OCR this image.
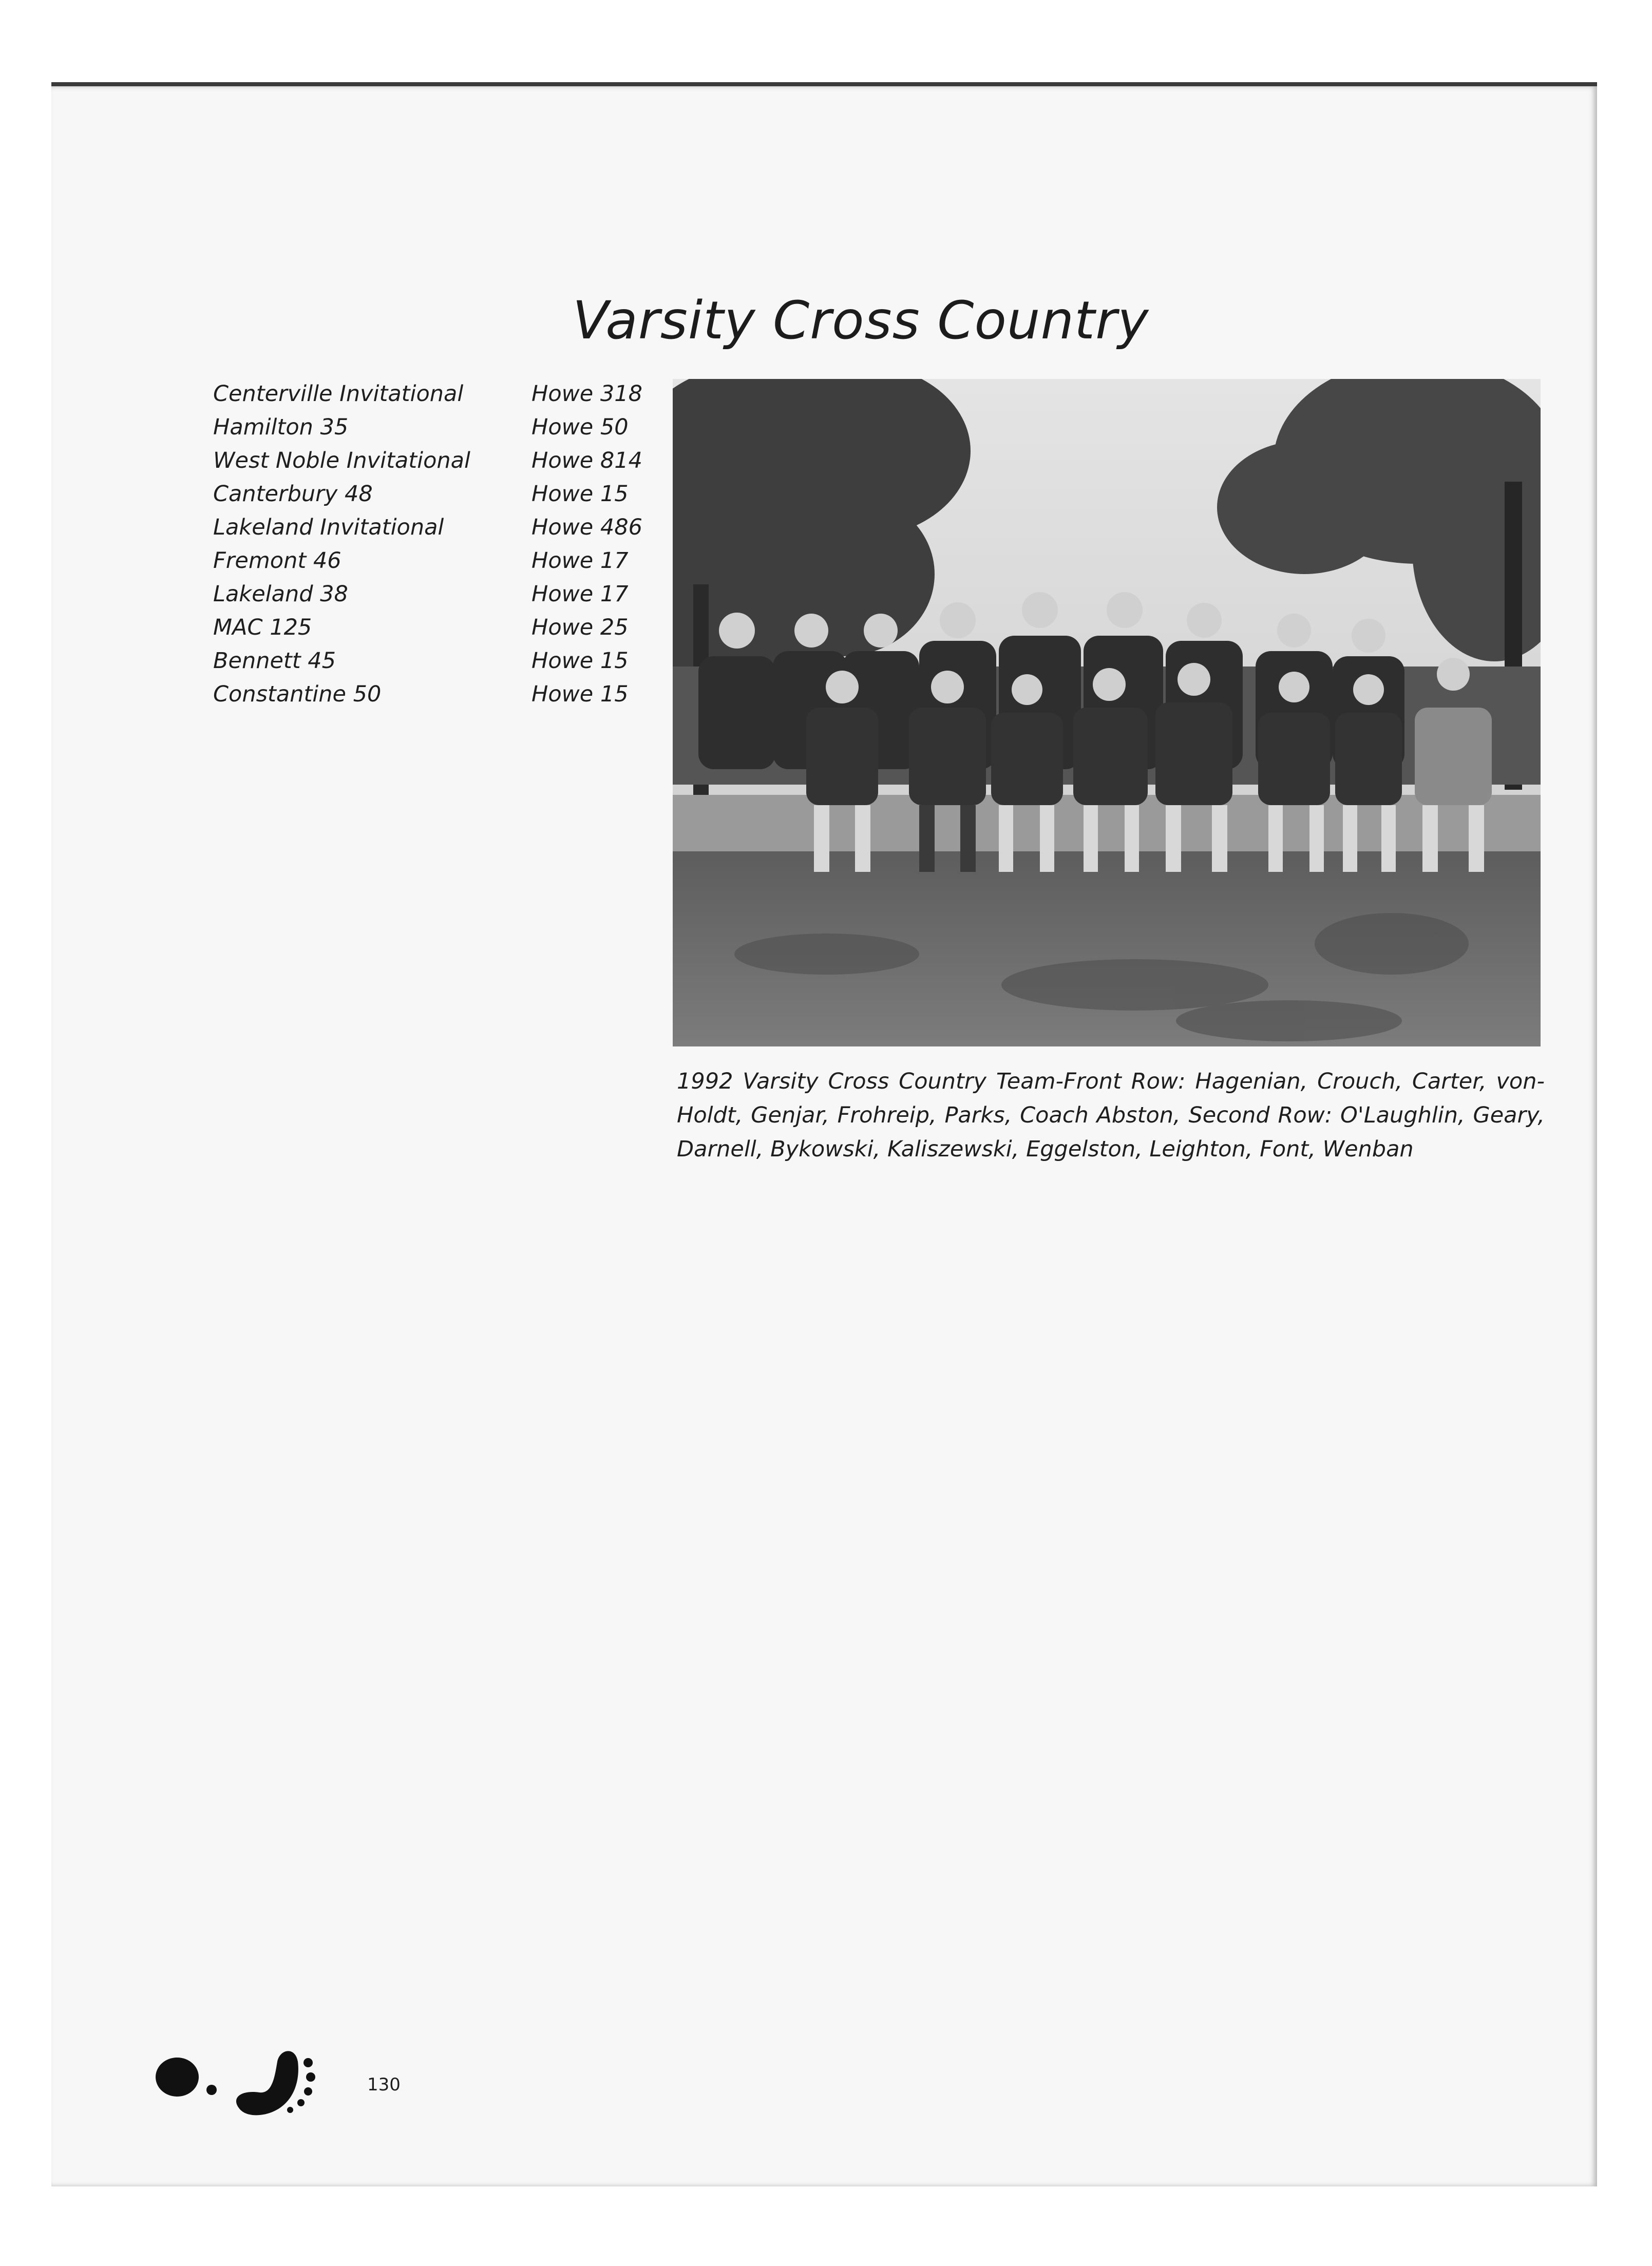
Varsity Cross Country
Centerville Invitational	Howe 318
Hamilton 35	Howe 50
West Noble Invitational	Howe 814
Canterbury 48	Howe 15
Lakeland Invitational	Howe 486
Fremont 46	Howe 17
Lakeland 38	Howe 17
MAC 125	Howe 25
Bennett 45	Howe 15
Constantine 50	Howe 15
1992 Varsity Cross Country Team-Front Row: Hagenian, Crouch, Carter, von-Holdt, Genjar, Frohreip, Parks, Coach Abston, Second Row: O'Laughlin, Geary, Darnell, Bykowski, Kaliszewski, Eggelston, Leighton, Font, Wenban
130
